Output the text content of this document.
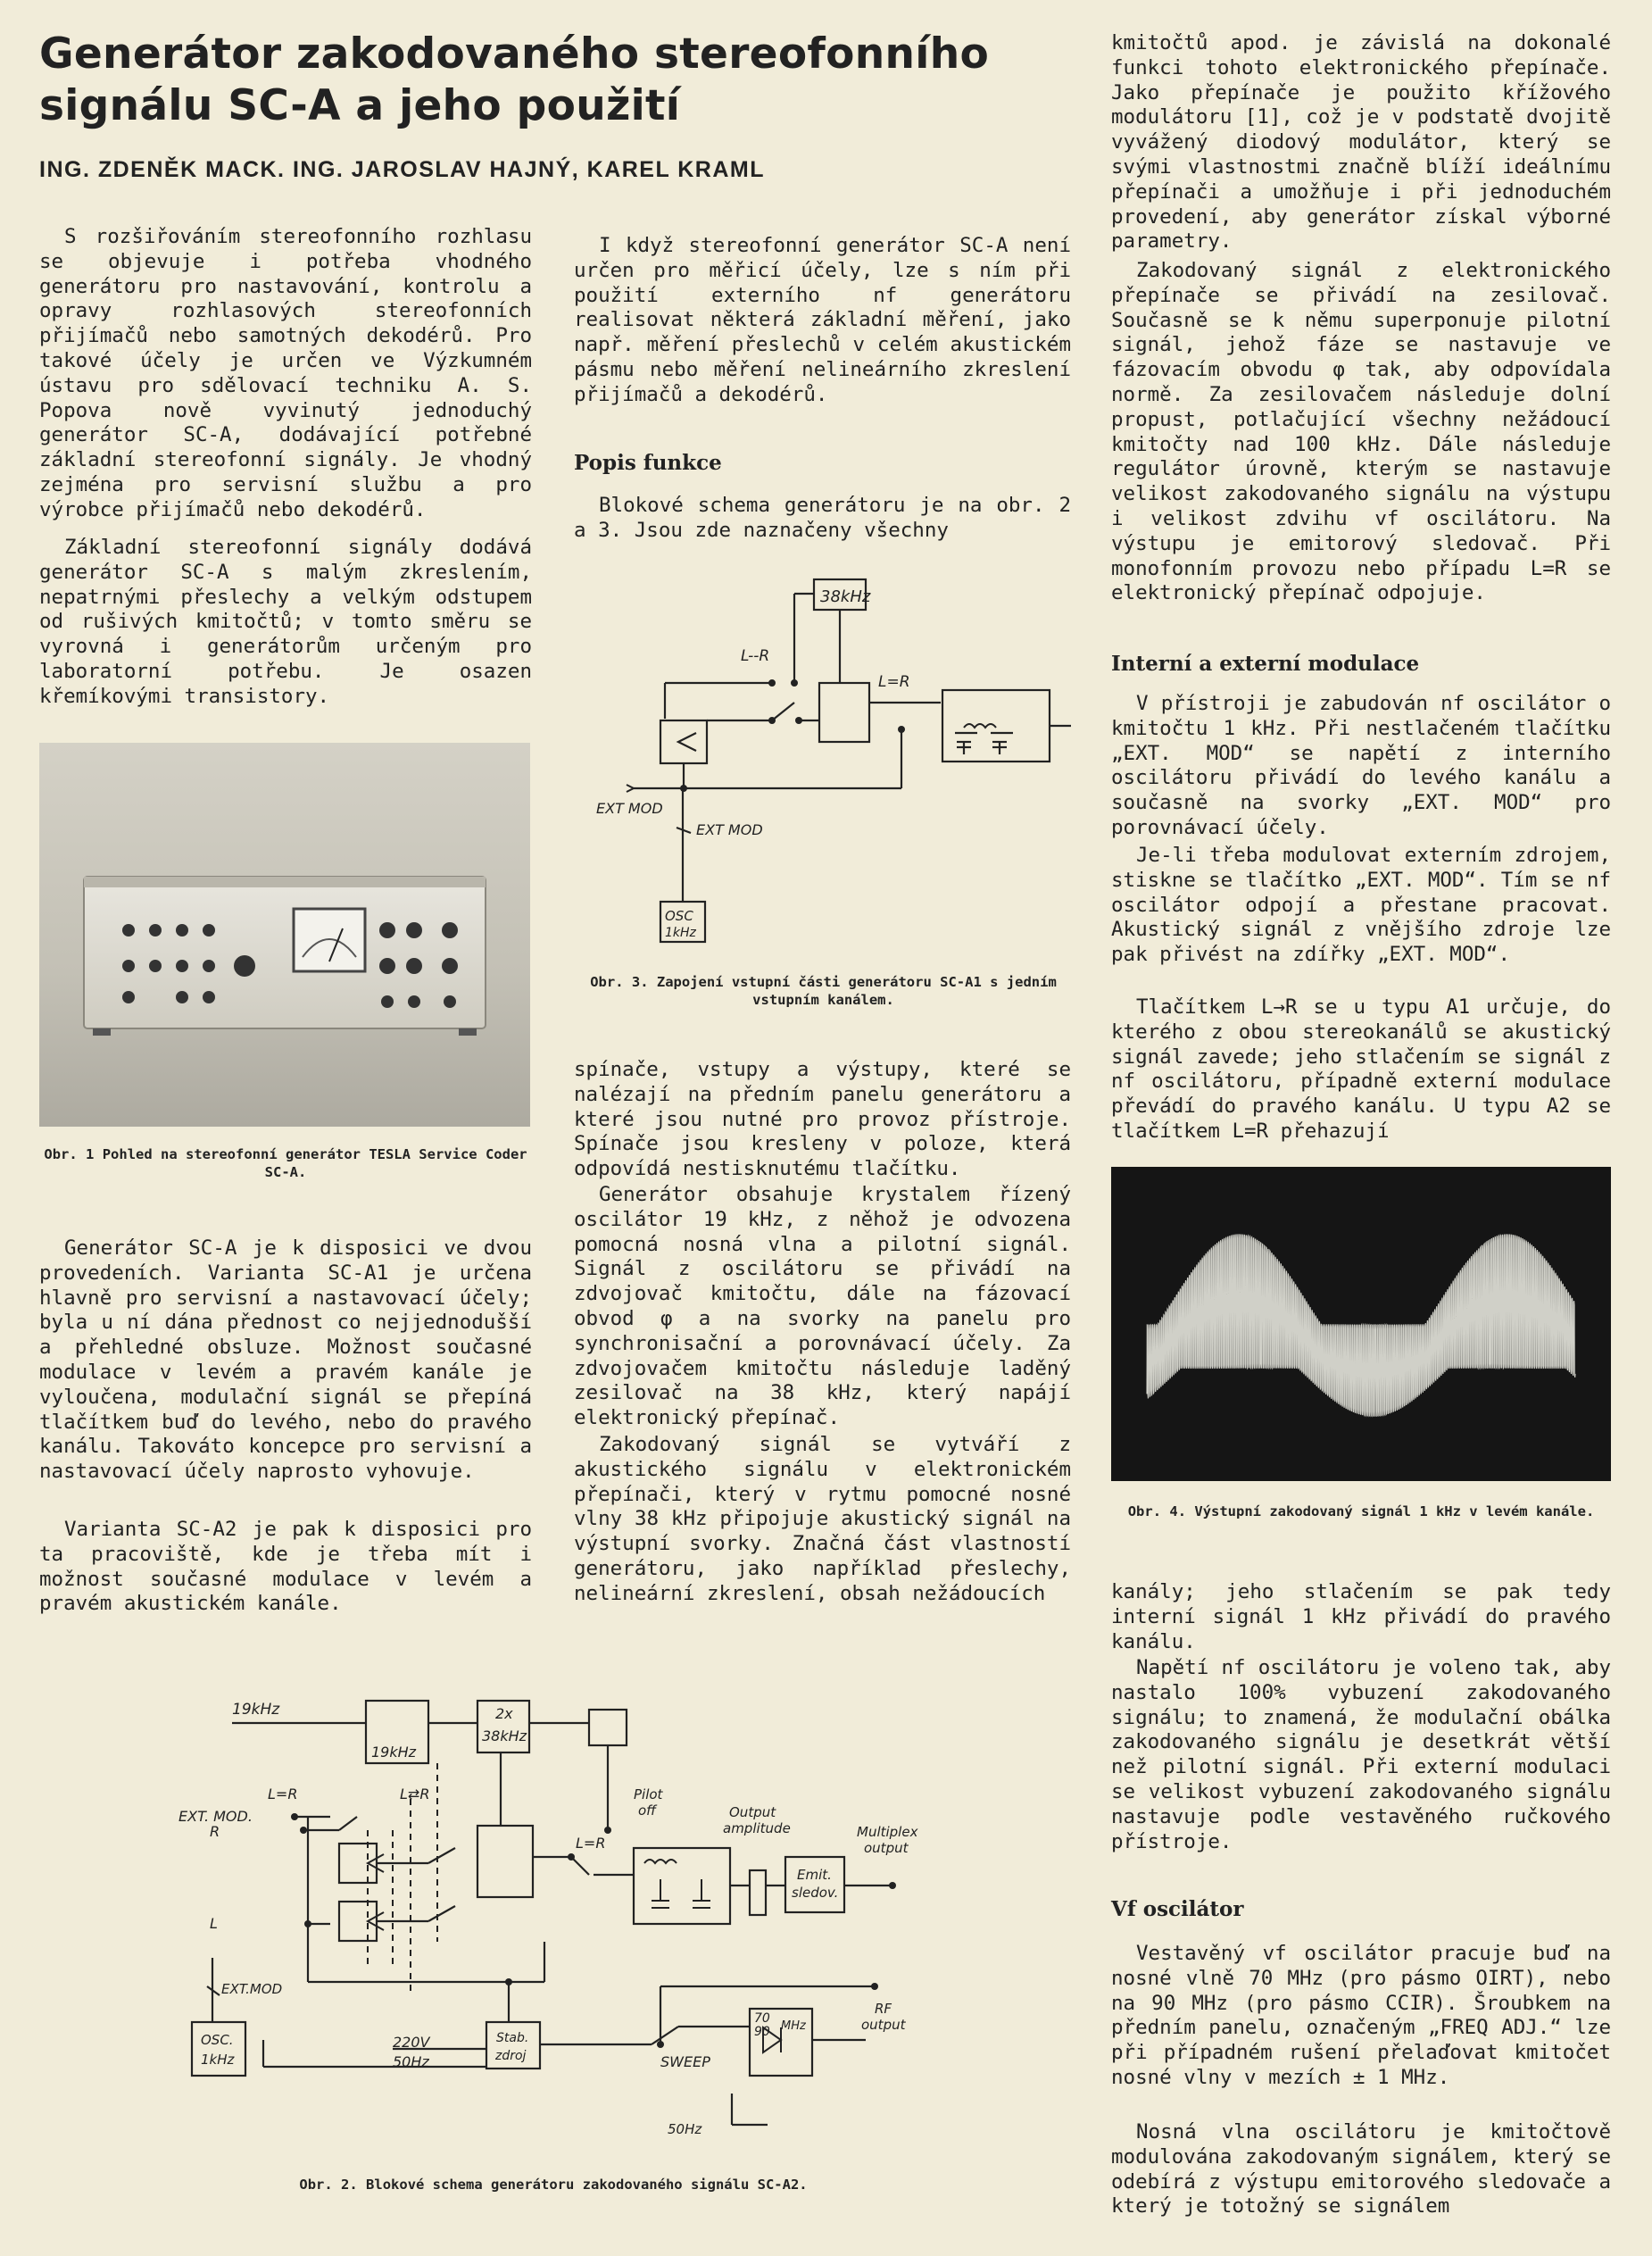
Generátor zakodovaného stereofonního
signálu SC-A a jeho použití
ING. ZDENĚK MACK. ING. JAROSLAV HAJNÝ, KAREL KRAML
S rozšiřováním stereofonního rozhlasu se objevuje i potřeba vhodného generátoru pro nastavování, kontrolu a opravy rozhlasových stereofonních přijímačů nebo samotných dekodérů. Pro takové účely je určen ve Výzkumném ústavu pro sdělovací techniku A. S. Popova nově vyvinutý jednoduchý generátor SC-A, dodávající potřebné základní stereofonní signály. Je vhodný zejména pro servisní službu a pro výrobce přijímačů nebo dekodérů.
Základní stereofonní signály dodává generátor SC-A s malým zkreslením, nepatrnými přeslechy a velkým odstupem od rušivých kmitočtů; v tomto směru se vyrovná i generátorům určeným pro laboratorní potřebu. Je osazen křemíkovými transistory.
Obr. 1 Pohled na stereofonní generátor TESLA Service Coder SC-A.
Generátor SC-A je k disposici ve dvou provedeních. Varianta SC-A1 je určena hlavně pro servisní a nastavovací účely; byla u ní dána přednost co nejjednodušší a přehledné obsluze. Možnost současné modulace v levém a pravém kanále je vyloučena, modulační signál se přepíná tlačítkem buď do levého, nebo do pravého kanálu. Takováto koncepce pro servisní a nastavovací účely naprosto vyhovuje.
Varianta SC-A2 je pak k disposici pro ta pracoviště, kde je třeba mít i možnost současné modulace v levém a pravém akustickém kanále.
I když stereofonní generátor SC-A není určen pro měřicí účely, lze s ním při použití externího nf generátoru realisovat některá základní měření, jako např. měření přeslechů v celém akustickém pásmu nebo měření nelineárního zkreslení přijímačů a dekodérů.
Popis funkce
Blokové schema generátoru je na obr. 2 a 3. Jsou zde naznačeny všechny
38kHz
L--R
L=R
EXT MOD
EXT MOD
OSC
1kHz
Obr. 3. Zapojení vstupní části generátoru SC-A1 s jedním vstupním kanálem.
spínače, vstupy a výstupy, které se nalézají na předním panelu generátoru a které jsou nutné pro provoz přístroje. Spínače jsou kresleny v poloze, která odpovídá nestisknutému tlačítku.
Generátor obsahuje krystalem řízený oscilátor 19 kHz, z něhož je odvozena pomocná nosná vlna a pilotní signál. Signál z oscilátoru se přivádí na zdvojovač kmitočtu, dále na fázovací obvod φ a na svorky na panelu pro synchronisační a porovnávací účely. Za zdvojovačem kmitočtu následuje laděný zesilovač na 38 kHz, který napájí elektronický přepínač.
Zakodovaný signál se vytváří z akustického signálu v elektronickém přepínači, který v rytmu pomocné nosné vlny 38 kHz připojuje akustický signál na výstupní svorky. Značná část vlastností generátoru, jako například přeslechy, nelineární zkreslení, obsah nežádoucích
19kHz
19kHz
2x
38kHz
L=R	L⇄R
EXT. MOD.
R
L
L=R
Pilot
off	Output
amplitude	Multiplex
output
Emit.
sledov.
EXT.MOD
OSC.
1kHz
220V
50Hz
Stab.
zdroj	SWEEP
50Hz
70
90 MHz
RF
output
Obr. 2. Blokové schema generátoru zakodovaného signálu SC-A2.
kmitočtů apod. je závislá na dokonalé funkci tohoto elektronického přepínače. Jako přepínače je použito křížového modulátoru [1], což je v podstatě dvojitě vyvážený diodový modulátor, který se svými vlastnostmi značně blíží ideálnímu přepínači a umožňuje i při jednoduchém provedení, aby generátor získal výborné parametry.
Zakodovaný signál z elektronického přepínače se přivádí na zesilovač. Současně se k němu superponuje pilotní signál, jehož fáze se nastavuje ve fázovacím obvodu φ tak, aby odpovídala normě. Za zesilovačem následuje dolní propust, potlačující všechny nežádoucí kmitočty nad 100 kHz. Dále následuje regulátor úrovně, kterým se nastavuje velikost zakodovaného signálu na výstupu i velikost zdvihu vf oscilátoru. Na výstupu je emitorový sledovač. Při monofonním provozu nebo případu L=R se elektronický přepínač odpojuje.
Interní a externí modulace
V přístroji je zabudován nf oscilátor o kmitočtu 1 kHz. Při nestlačeném tlačítku „EXT. MOD“ se napětí z interního oscilátoru přivádí do levého kanálu a současně na svorky „EXT. MOD“ pro porovnávací účely.
Je-li třeba modulovat externím zdrojem, stiskne se tlačítko „EXT. MOD“. Tím se nf oscilátor odpojí a přestane pracovat. Akustický signál z vnějšího zdroje lze pak přivést na zdířky „EXT. MOD“.
Tlačítkem L→R se u typu A1 určuje, do kterého z obou stereokanálů se akustický signál zavede; jeho stlačením se signál z nf oscilátoru, případně externí modulace převádí do pravého kanálu. U typu A2 se tlačítkem L=R přehazují
Obr. 4. Výstupní zakodovaný signál 1 kHz v levém kanále.
kanály; jeho stlačením se pak tedy interní signál 1 kHz přivádí do pravého kanálu.
Napětí nf oscilátoru je voleno tak, aby nastalo 100% vybuzení zakodovaného signálu; to znamená, že modulační obálka zakodovaného signálu je desetkrát větší než pilotní signál. Při externí modulaci se velikost vybuzení zakodovaného signálu nastavuje podle vestavěného ručkového přístroje.
Vf oscilátor
Vestavěný vf oscilátor pracuje buď na nosné vlně 70 MHz (pro pásmo OIRT), nebo na 90 MHz (pro pásmo CCIR). Šroubkem na předním panelu, označeným „FREQ ADJ.“ lze při případném rušení přelaďovat kmitočet nosné vlny v mezích ± 1 MHz.
Nosná vlna oscilátoru je kmitočtově modulována zakodovaným signálem, který se odebírá z výstupu emitorového sledovače a který je totožný se signálem
